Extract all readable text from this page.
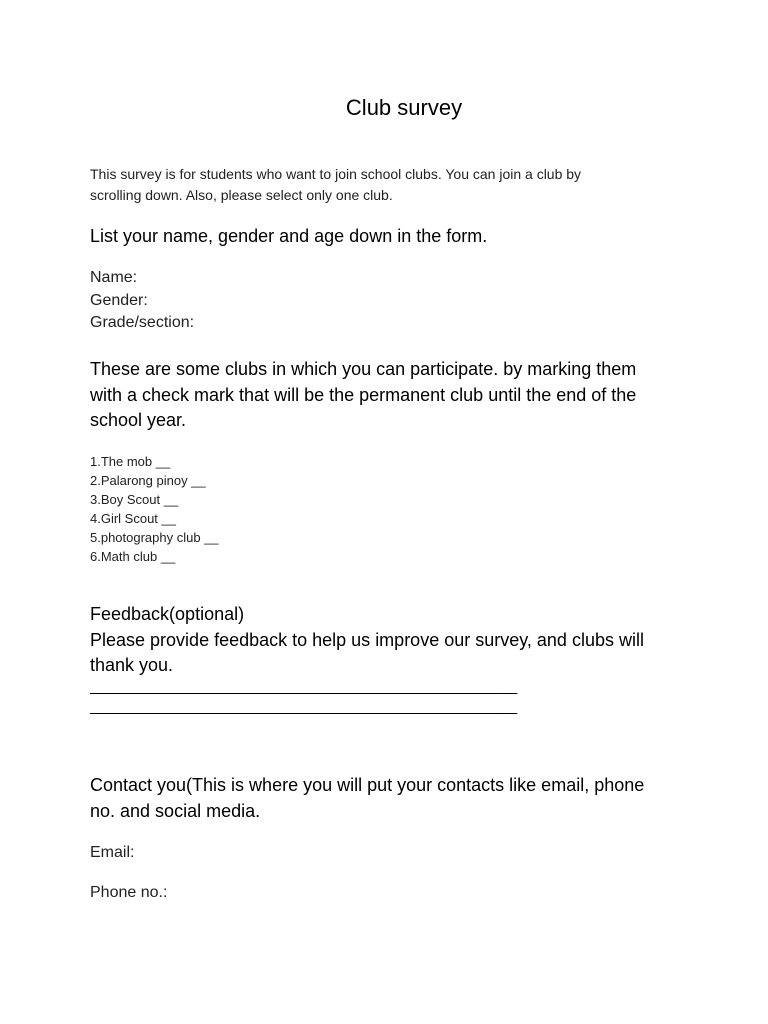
Club survey
This survey is for students who want to join school clubs. You can join a club by
scrolling down. Also, please select only one club.
List your name, gender and age down in the form.
Name:
Gender:
Grade/section:
These are some clubs in which you can participate. by marking them
with a check mark that will be the permanent club until the end of the
school year.
1.The mob __
2.Palarong pinoy __
3.Boy Scout __
4.Girl Scout __
5.photography club __
6.Math club __
Feedback(optional)
Please provide feedback to help us improve our survey, and clubs will
thank you.
________________________________________________
________________________________________________
Contact you(This is where you will put your contacts like email, phone
no. and social media.
Email:
Phone no.:
